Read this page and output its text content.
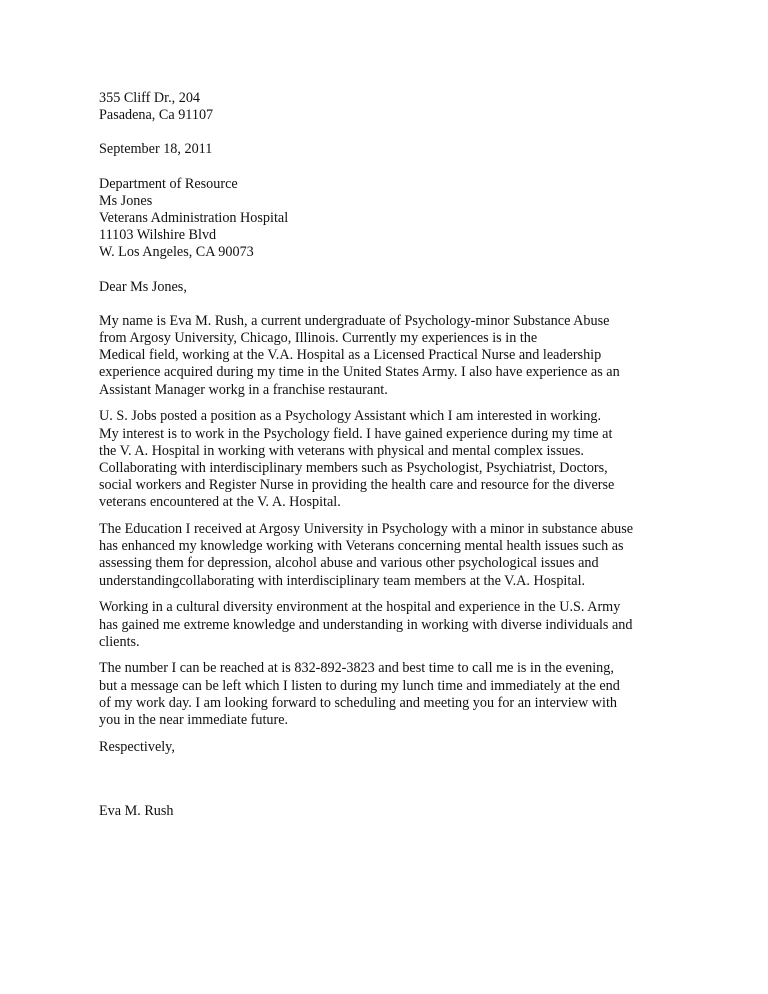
355 Cliff Dr., 204
Pasadena, Ca 91107
September 18, 2011
Department of Resource
Ms Jones
Veterans Administration Hospital
11103 Wilshire Blvd
W. Los Angeles, CA 90073
Dear Ms Jones,
My name is Eva M. Rush, a current undergraduate of Psychology-minor Substance Abuse
from Argosy University, Chicago, Illinois. Currently my experiences is in the
Medical field, working at the V.A. Hospital as a Licensed Practical Nurse and leadership
experience acquired during my time in the United States Army. I also have experience as an
Assistant Manager workg in a franchise restaurant.
U. S. Jobs posted a position as a Psychology Assistant which I am interested in working.
My interest is to work in the Psychology field. I have gained experience during my time at
the V. A. Hospital in working with veterans with physical and mental complex issues.
Collaborating with interdisciplinary members such as Psychologist, Psychiatrist, Doctors,
social workers and Register Nurse in providing the health care and resource for the diverse
veterans encountered at the V. A. Hospital.
The Education I received at Argosy University in Psychology with a minor in substance abuse
has enhanced my knowledge working with Veterans concerning mental health issues such as
assessing them for depression, alcohol abuse and various other psychological issues and
understandingcollaborating with interdisciplinary team members at the V.A. Hospital.
Working in a cultural diversity environment at the hospital and experience in the U.S. Army
has gained me extreme knowledge and understanding in working with diverse individuals and
clients.
The number I can be reached at is 832-892-3823 and best time to call me is in the evening,
but a message can be left which I listen to during my lunch time and immediately at the end
of my work day. I am looking forward to scheduling and meeting you for an interview with
you in the near immediate future.
Respectively,
Eva M. Rush
